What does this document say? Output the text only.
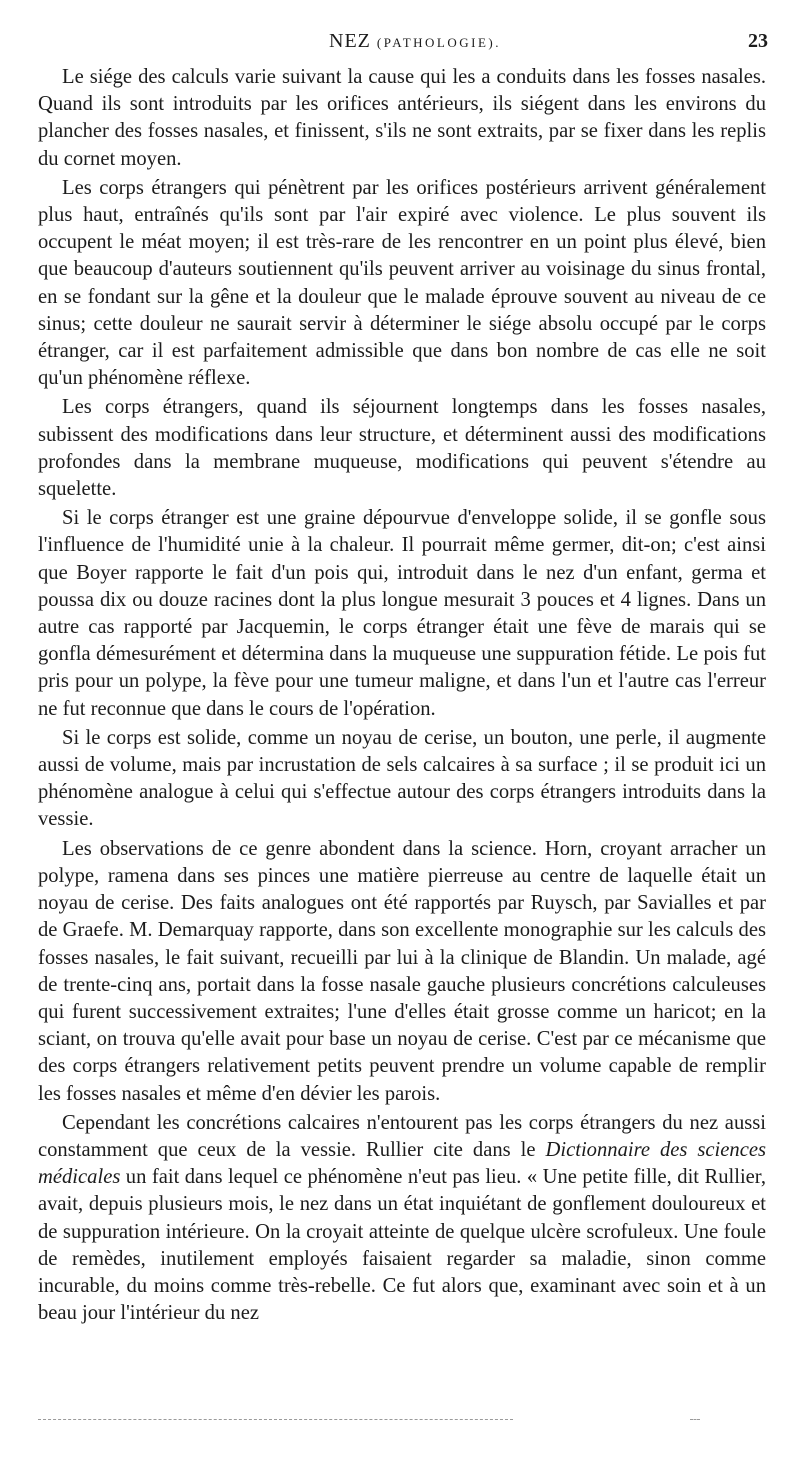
NEZ (PATHOLOGIE).	23

Le siége des calculs varie suivant la cause qui les a conduits dans les fosses nasales. Quand ils sont introduits par les orifices antérieurs, ils siégent dans les environs du plancher des fosses nasales, et finissent, s'ils ne sont extraits, par se fixer dans les replis du cornet moyen.

Les corps étrangers qui pénètrent par les orifices postérieurs arrivent généralement plus haut, entraînés qu'ils sont par l'air expiré avec violence. Le plus souvent ils occupent le méat moyen; il est très-rare de les rencontrer en un point plus élevé, bien que beaucoup d'auteurs soutiennent qu'ils peuvent arriver au voisinage du sinus frontal, en se fondant sur la gêne et la douleur que le malade éprouve souvent au niveau de ce sinus; cette douleur ne saurait servir à déterminer le siége absolu occupé par le corps étranger, car il est parfaitement admissible que dans bon nombre de cas elle ne soit qu'un phénomène réflexe.

Les corps étrangers, quand ils séjournent longtemps dans les fosses nasales, subissent des modifications dans leur structure, et déterminent aussi des modifications profondes dans la membrane muqueuse, modifications qui peuvent s'étendre au squelette.

Si le corps étranger est une graine dépourvue d'enveloppe solide, il se gonfle sous l'influence de l'humidité unie à la chaleur. Il pourrait même germer, dit-on; c'est ainsi que Boyer rapporte le fait d'un pois qui, introduit dans le nez d'un enfant, germa et poussa dix ou douze racines dont la plus longue mesurait 3 pouces et 4 lignes. Dans un autre cas rapporté par Jacquemin, le corps étranger était une fève de marais qui se gonfla démesurément et détermina dans la muqueuse une suppuration fétide. Le pois fut pris pour un polype, la fève pour une tumeur maligne, et dans l'un et l'autre cas l'erreur ne fut reconnue que dans le cours de l'opération.

Si le corps est solide, comme un noyau de cerise, un bouton, une perle, il augmente aussi de volume, mais par incrustation de sels calcaires à sa surface ; il se produit ici un phénomène analogue à celui qui s'effectue autour des corps étrangers introduits dans la vessie.

Les observations de ce genre abondent dans la science. Horn, croyant arracher un polype, ramena dans ses pinces une matière pierreuse au centre de laquelle était un noyau de cerise. Des faits analogues ont été rapportés par Ruysch, par Savialles et par de Graefe. M. Demarquay rapporte, dans son excellente monographie sur les calculs des fosses nasales, le fait suivant, recueilli par lui à la clinique de Blandin. Un malade, agé de trente-cinq ans, portait dans la fosse nasale gauche plusieurs concrétions calculeuses qui furent successivement extraites; l'une d'elles était grosse comme un haricot; en la sciant, on trouva qu'elle avait pour base un noyau de cerise. C'est par ce mécanisme que des corps étrangers relativement petits peuvent prendre un volume capable de remplir les fosses nasales et même d'en dévier les parois.

Cependant les concrétions calcaires n'entourent pas les corps étrangers du nez aussi constamment que ceux de la vessie. Rullier cite dans le Dictionnaire des sciences médicales un fait dans lequel ce phénomène n'eut pas lieu. « Une petite fille, dit Rullier, avait, depuis plusieurs mois, le nez dans un état inquiétant de gonflement douloureux et de suppuration intérieure. On la croyait atteinte de quelque ulcère scrofuleux. Une foule de remèdes, inutilement employés faisaient regarder sa maladie, sinon comme incurable, du moins comme très-rebelle. Ce fut alors que, examinant avec soin et à un beau jour l'intérieur du nez
